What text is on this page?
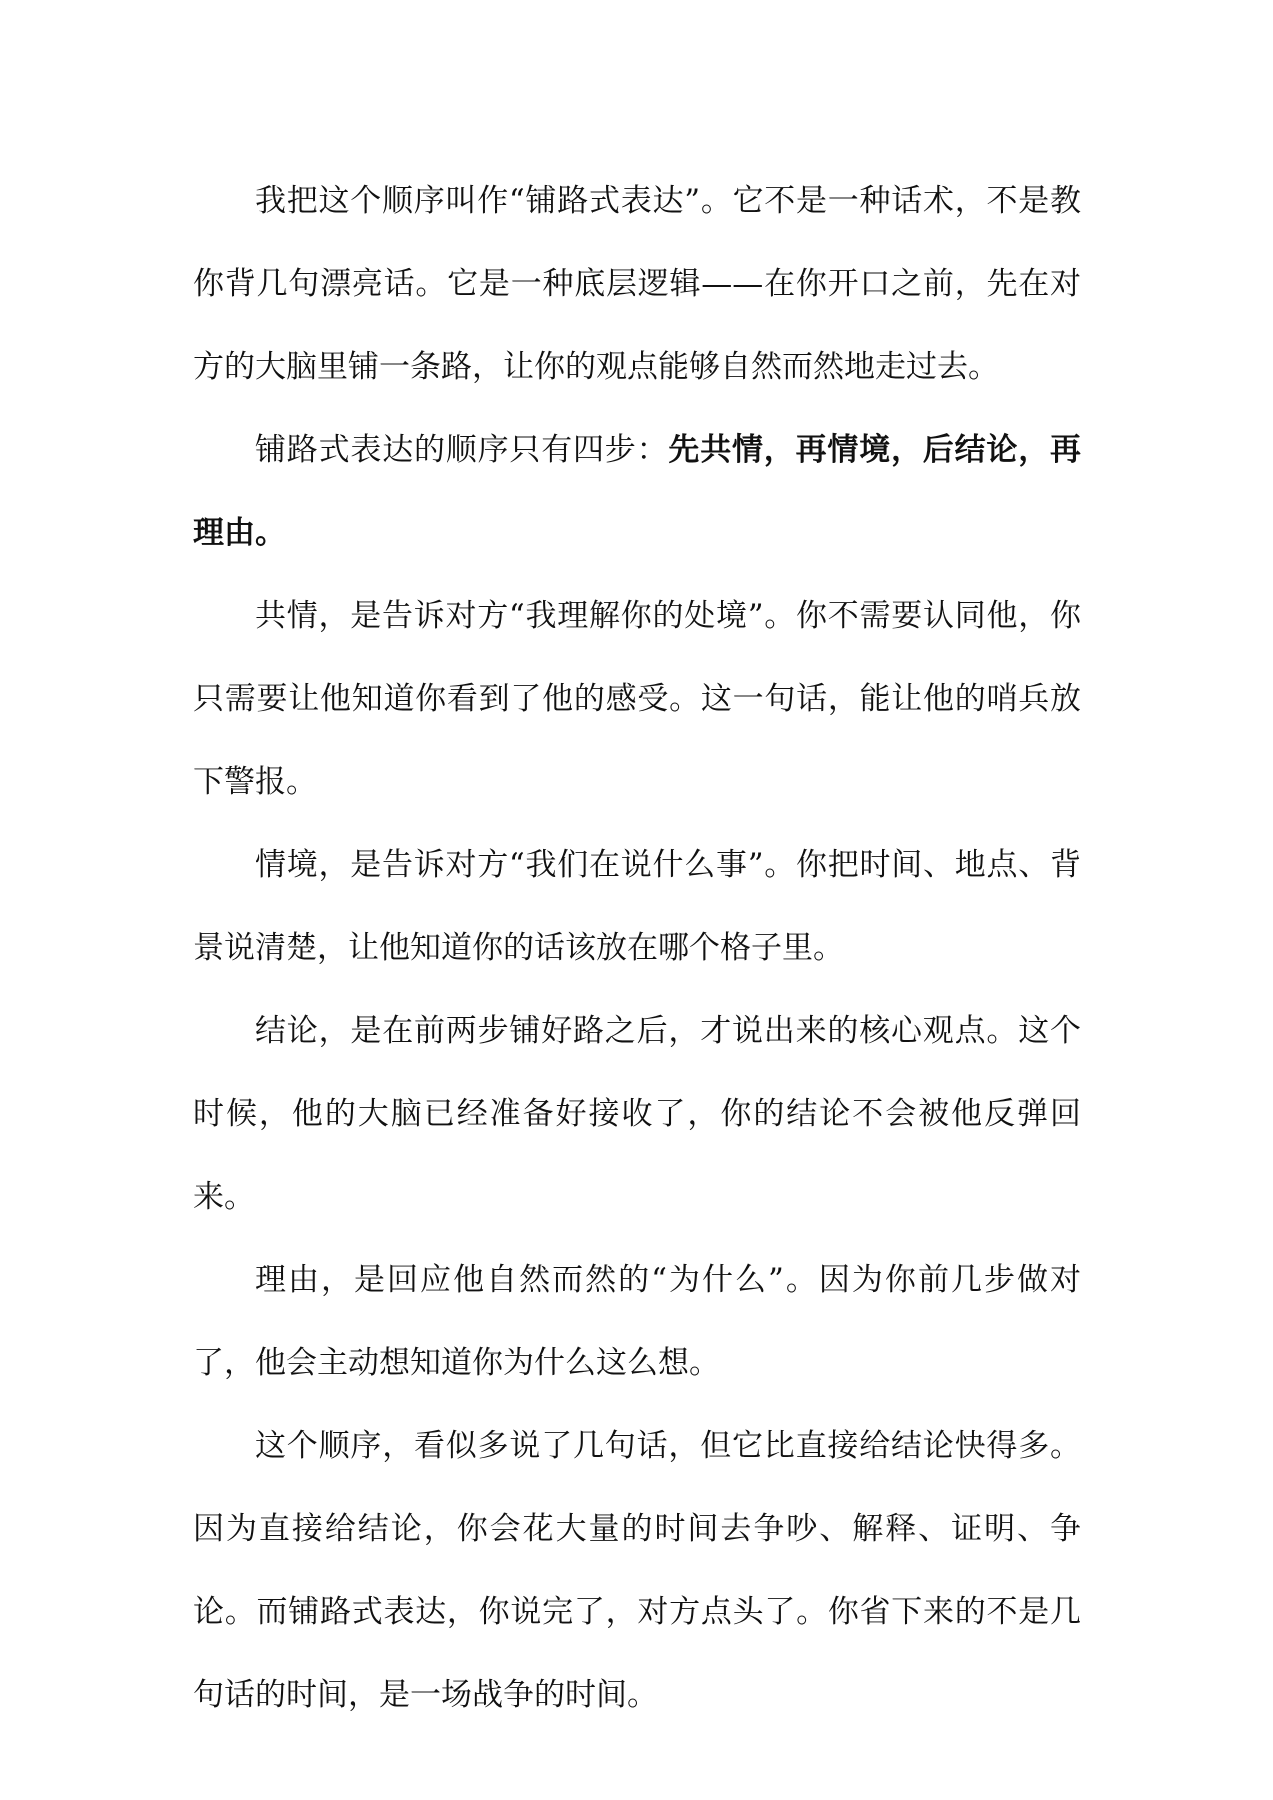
我把这个顺序叫作“铺路式表达”。它不是一种话术，不是教你背几句漂亮话。它是一种底层逻辑——在你开口之前，先在对方的大脑里铺一条路，让你的观点能够自然而然地走过去。

铺路式表达的顺序只有四步：先共情，再情境，后结论，再理由。

共情，是告诉对方“我理解你的处境”。你不需要认同他，你只需要让他知道你看到了他的感受。这一句话，能让他的哨兵放下警报。

情境，是告诉对方“我们在说什么事”。你把时间、地点、背景说清楚，让他知道你的话该放在哪个格子里。

结论，是在前两步铺好路之后，才说出来的核心观点。这个时候，他的大脑已经准备好接收了，你的结论不会被他反弹回来。

理由，是回应他自然而然的“为什么”。因为你前几步做对了，他会主动想知道你为什么这么想。

这个顺序，看似多说了几句话，但它比直接给结论快得多。因为直接给结论，你会花大量的时间去争吵、解释、证明、争论。而铺路式表达，你说完了，对方点头了。你省下来的不是几句话的时间，是一场战争的时间。
